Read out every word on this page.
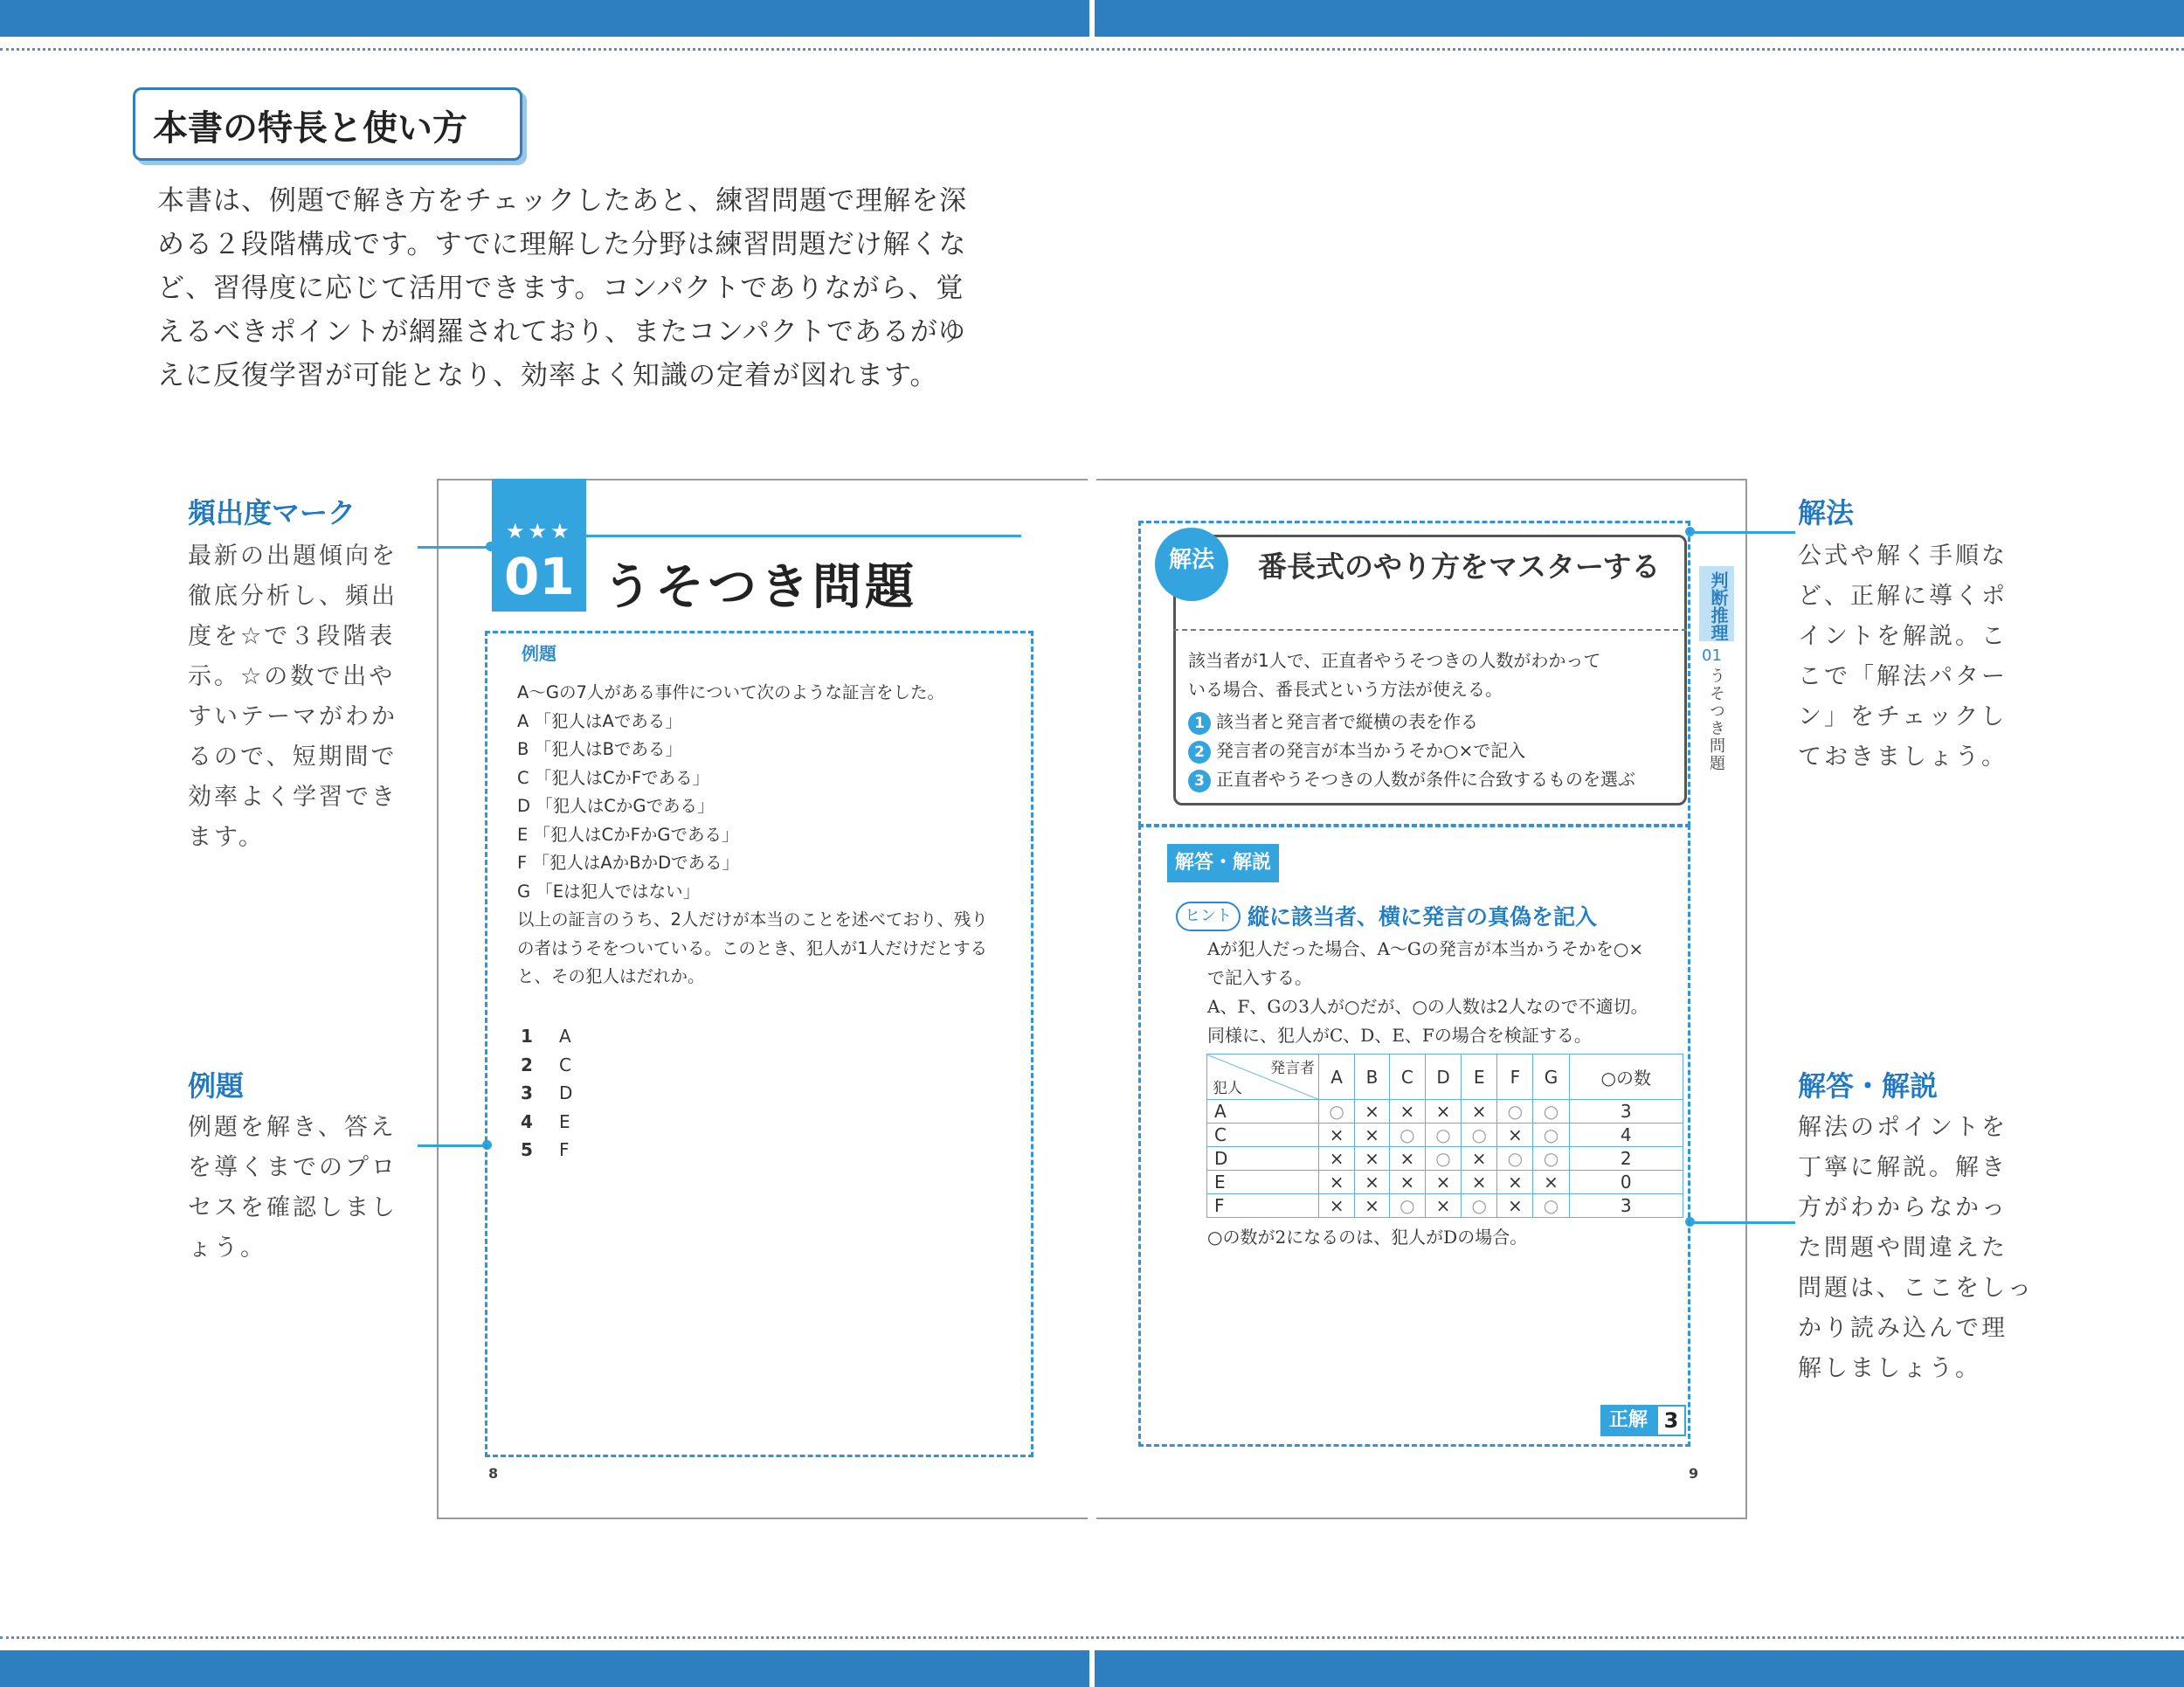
本書の特長と使い方

本書は、例題で解き方をチェックしたあと、練習問題で理解を深

める２段階構成です。すでに理解した分野は練習問題だけ解くな

ど、習得度に応じて活用できます。コンパクトでありながら、覚

えるべきポイントが網羅されており、またコンパクトであるがゆ

えに反復学習が可能となり、効率よく知識の定着が図れます。

頻出度マーク

最新の出題傾向を

徹底分析し、頻出

度を☆で３段階表

示。☆の数で出や

すいテーマがわか

るので、短期間で

効率よく学習でき

ます。

例題

例題を解き、答え

を導くまでのプロ

セスを確認しまし

ょう。

解法

公式や解く手順な

ど、正解に導くポ

イントを解説。こ

こで「解法パター

ン」をチェックし

ておきましょう。

解答・解説

解法のポイントを

丁寧に解説。解き

方がわからなかっ

た問題や間違えた

問題は、ここをしっ

かり読み込んで理

解しましょう。

★★★
01 うそつき問題
例題

A～Gの7人がある事件について次のような証言をした。

A 「犯人はAである」

B 「犯人はBである」

C 「犯人はCかFである」

D 「犯人はCかGである」

E 「犯人はCかFかGである」

F 「犯人はAかBかDである」

G 「Eは犯人ではない」

以上の証言のうち、2人だけが本当のことを述べており、残り

の者はうそをついている。このとき、犯人が1人だけだとする

と、その犯人はだれか。

1 A

2 C

3 D

4 E

5 F

8
解法	番長式のやり方をマスターする

該当者が1人で、正直者やうそつきの人数がわかって

いる場合、番長式という方法が使える。

1 該当者と発言者で縦横の表を作る
2 発言者の発言が本当かうそか○×で記入
3 正直者やうそつきの人数が条件に合致するものを選ぶ
判断推理
01
うそつき問題
解答・解説
ヒント 縦に該当者、横に発言の真偽を記入

Aが犯人だった場合、A～Gの発言が本当かうそかを○×

で記入する。

A、F、Gの3人が○だが、○の人数は2人なので不適切。

同様に、犯人がC、D、E、Fの場合を検証する。

発言者
犯人	A	B	C	D	E	F	G	○の数
A	○	×	×	×	×	○	○	3
C	×	×	○	○	○	×	○	4
D	×	×	×	○	×	○	○	2
E	×	×	×	×	×	×	×	0
F	×	×	○	×	○	×	○	3
○の数が2になるのは、犯人がDの場合。
正解 3
9
